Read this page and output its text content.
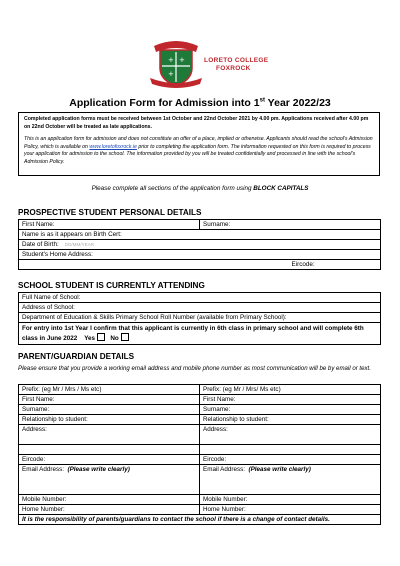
+ +
+
LORETO COLLEGE
FOXROCK
Application Form for Admission into 1st Year 2022/23
Completed application forms must be received between 1st October and 22nd October 2021 by 4.00 pm. Applications received after 4.00 pm on 22nd October will be treated as late applications.
This is an application form for admission and does not constitute an offer of a place, implied or otherwise. Applicants should read the school's Admission Policy, which is available on www.loretofoxrock.ie prior to completing the application form. The information requested on this form is required to process your application for admission to the school. The information provided by you will be treated confidentially and processed in line with the school's Admission Policy.
Please complete all sections of the application form using BLOCK CAPITALS
PROSPECTIVE STUDENT PERSONAL DETAILS
First Name:	Surname:
Name is as it appears on Birth Cert:	
Date of Birth: DD/MM/YEAR	
Student's Home Address:	
	Eircode:
SCHOOL STUDENT IS CURRENTLY ATTENDING
Full Name of School:
Address of School:
Department of Education & Skills Primary School Roll Number (available from Primary School):
For entry into 1st Year I confirm that this applicant is currently in 6th class in primary school and will complete 6th class in June 2022 Yes No
PARENT/GUARDIAN DETAILS
Please ensure that you provide a working email address and mobile phone number as most communication will be by email or text.
Prefix: (eg Mr / Mrs / Ms etc)	Prefix: (eg Mr / Mrs/ Ms etc)
First Name:	First Name:
Surname:	Surname:
Relationship to student:	Relationship to student:
Address:	Address:

Eircode:	Eircode:
Email Address: (Please write clearly)	Email Address: (Please write clearly)
Mobile Number:	Mobile Number:
Home Number:	Home Number:
It is the responsibility of parents/guardians to contact the school if there is a change of contact details.	
